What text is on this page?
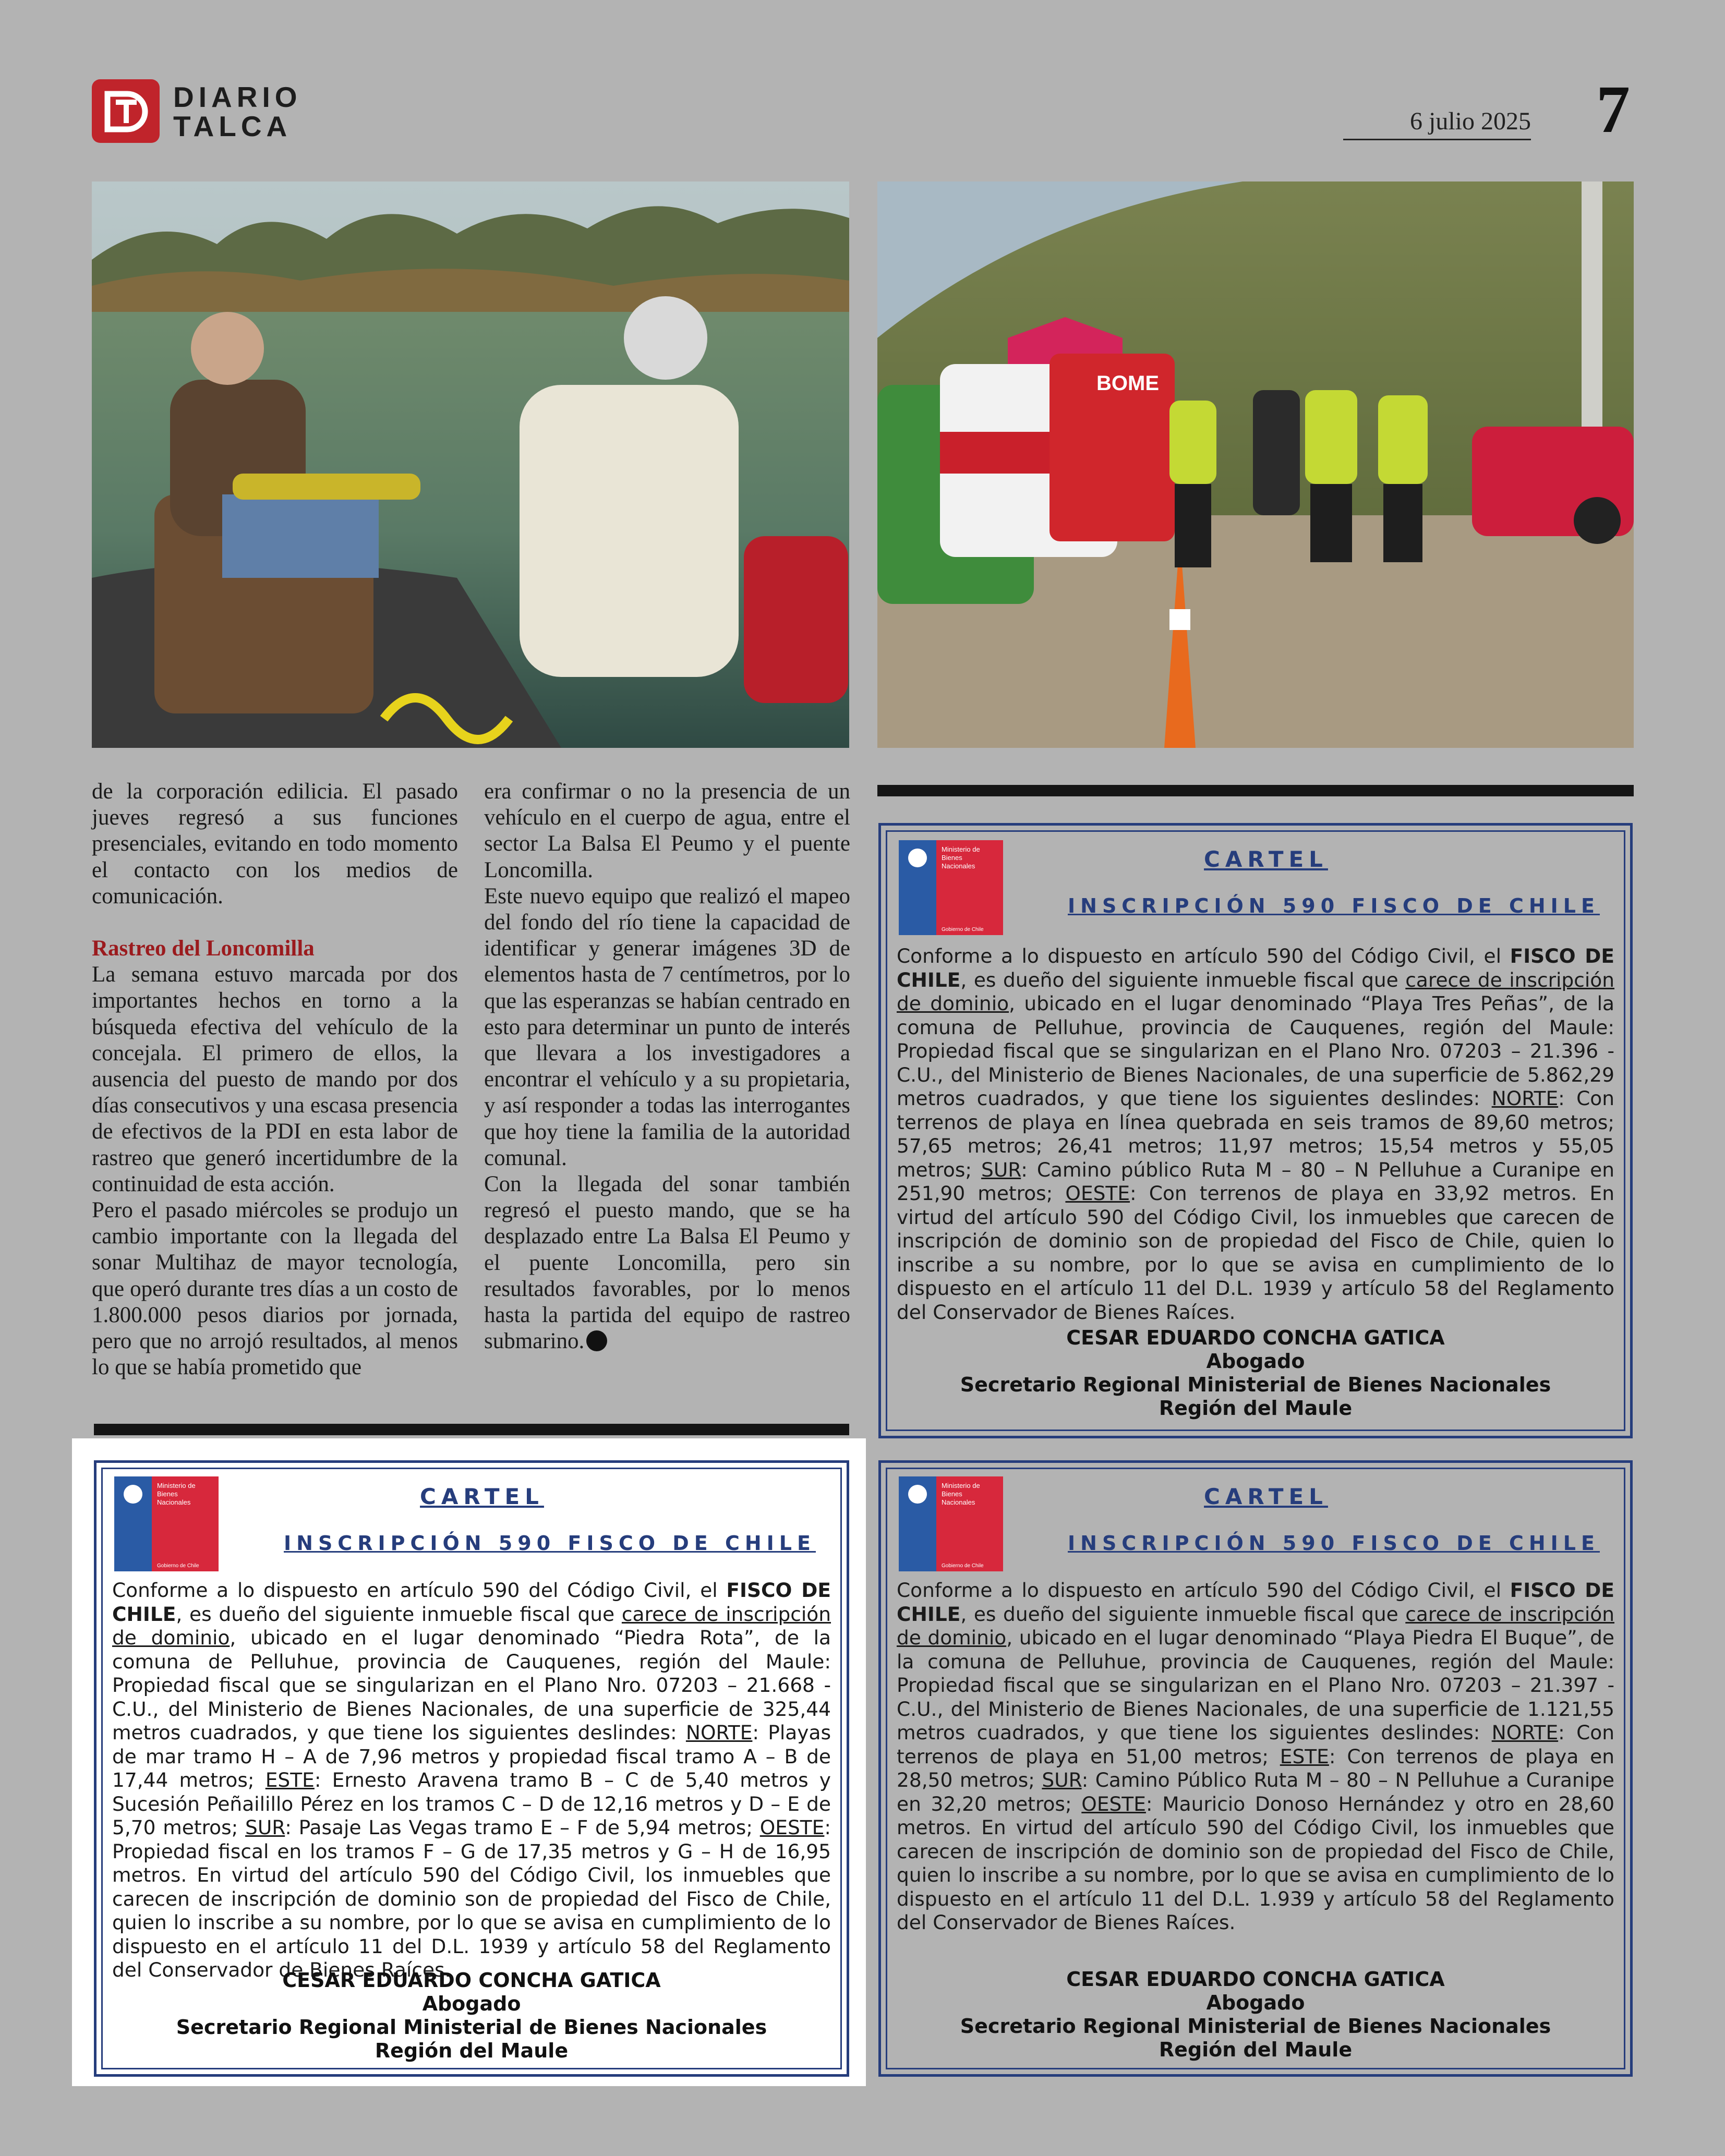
DIARIO
TALCA	6 julio 2025 7
BOME

de la corporación edilicia. El pasado jueves regresó a sus funciones presenciales, evitando en todo momento el contacto con los medios de comunicación.

Rastreo del Loncomilla

La semana estuvo marcada por dos importantes hechos en torno a la búsqueda efectiva del vehículo de la concejala. El primero de ellos, la ausencia del puesto de mando por dos días consecutivos y una escasa presencia de efectivos de la PDI en esta labor de rastreo que generó incertidumbre de la continuidad de esta acción.

Pero el pasado miércoles se produjo un cambio importante con la llegada del sonar Multihaz de mayor tecnología, que operó durante tres días a un costo de 1.800.000 pesos diarios por jornada, pero que no arrojó resultados, al menos lo que se había prometido que

era confirmar o no la presencia de un vehículo en el cuerpo de agua, entre el sector La Balsa El Peumo y el puente Loncomilla.

Este nuevo equipo que realizó el mapeo del fondo del río tiene la capacidad de identificar y generar imágenes 3D de elementos hasta de 7 centímetros, por lo que las esperanzas se habían centrado en esto para determinar un punto de interés que llevara a los investigadores a encontrar el vehículo y a su propietaria, y así responder a todas las interrogantes que hoy tiene la familia de la autoridad comunal.

Con la llegada del sonar también regresó el puesto mando, que se ha desplazado entre La Balsa El Peumo y el puente Loncomilla, pero sin resultados favorables, por lo menos hasta la partida del equipo de rastreo submarino.

Ministerio de
Bienes
Nacionales
Gobierno de Chile
CARTEL
INSCRIPCIÓN 590 FISCO DE CHILE
Conforme a lo dispuesto en artículo 590 del Código Civil, el FISCO DE CHILE, es dueño del siguiente inmueble fiscal que carece de inscripción de dominio, ubicado en el lugar denominado “Playa Tres Peñas”, de la comuna de Pelluhue, provincia de Cauquenes, región del Maule: Propiedad fiscal que se singularizan en el Plano Nro. 07203 – 21.396 - C.U., del Ministerio de Bienes Nacionales, de una superficie de 5.862,29 metros cuadrados, y que tiene los siguientes deslindes: NORTE: Con terrenos de playa en línea quebrada en seis tramos de 89,60 metros; 57,65 metros; 26,41 metros; 11,97 metros; 15,54 metros y 55,05 metros; SUR: Camino público Ruta M – 80 – N Pelluhue a Curanipe en 251,90 metros; OESTE: Con terrenos de playa en 33,92 metros. En virtud del artículo 590 del Código Civil, los inmuebles que carecen de inscripción de dominio son de propiedad del Fisco de Chile, quien lo inscribe a su nombre, por lo que se avisa en cumplimiento de lo dispuesto en el artículo 11 del D.L. 1939 y artículo 58 del Reglamento del Conservador de Bienes Raíces.
CESAR EDUARDO CONCHA GATICA
Abogado
Secretario Regional Ministerial de Bienes Nacionales
Región del Maule
Ministerio de
Bienes
Nacionales
Gobierno de Chile
CARTEL
INSCRIPCIÓN 590 FISCO DE CHILE
Conforme a lo dispuesto en artículo 590 del Código Civil, el FISCO DE CHILE, es dueño del siguiente inmueble fiscal que carece de inscripción de dominio, ubicado en el lugar denominado “Piedra Rota”, de la comuna de Pelluhue, provincia de Cauquenes, región del Maule: Propiedad fiscal que se singularizan en el Plano Nro. 07203 – 21.668 - C.U., del Ministerio de Bienes Nacionales, de una superficie de 325,44 metros cuadrados, y que tiene los siguientes deslindes: NORTE: Playas de mar tramo H – A de 7,96 metros y propiedad fiscal tramo A – B de 17,44 metros; ESTE: Ernesto Aravena tramo B – C de 5,40 metros y Sucesión Peñailillo Pérez en los tramos C – D de 12,16 metros y D – E de 5,70 metros; SUR: Pasaje Las Vegas tramo E – F de 5,94 metros; OESTE: Propiedad fiscal en los tramos F – G de 17,35 metros y G – H de 16,95 metros. En virtud del artículo 590 del Código Civil, los inmuebles que carecen de inscripción de dominio son de propiedad del Fisco de Chile, quien lo inscribe a su nombre, por lo que se avisa en cumplimiento de lo dispuesto en el artículo 11 del D.L. 1939 y artículo 58 del Reglamento del Conservador de Bienes Raíces.
CESAR EDUARDO CONCHA GATICA
Abogado
Secretario Regional Ministerial de Bienes Nacionales
Región del Maule
Ministerio de
Bienes
Nacionales
Gobierno de Chile
CARTEL
INSCRIPCIÓN 590 FISCO DE CHILE
Conforme a lo dispuesto en artículo 590 del Código Civil, el FISCO DE CHILE, es dueño del siguiente inmueble fiscal que carece de inscripción de dominio, ubicado en el lugar denominado “Playa Piedra El Buque”, de la comuna de Pelluhue, provincia de Cauquenes, región del Maule: Propiedad fiscal que se singularizan en el Plano Nro. 07203 – 21.397 - C.U., del Ministerio de Bienes Nacionales, de una superficie de 1.121,55 metros cuadrados, y que tiene los siguientes deslindes: NORTE: Con terrenos de playa en 51,00 metros; ESTE: Con terrenos de playa en 28,50 metros; SUR: Camino Público Ruta M – 80 – N Pelluhue a Curanipe en 32,20 metros; OESTE: Mauricio Donoso Hernández y otro en 28,60 metros. En virtud del artículo 590 del Código Civil, los inmuebles que carecen de inscripción de dominio son de propiedad del Fisco de Chile, quien lo inscribe a su nombre, por lo que se avisa en cumplimiento de lo dispuesto en el artículo 11 del D.L. 1.939 y artículo 58 del Reglamento del Conservador de Bienes Raíces.
CESAR EDUARDO CONCHA GATICA
Abogado
Secretario Regional Ministerial de Bienes Nacionales
Región del Maule
